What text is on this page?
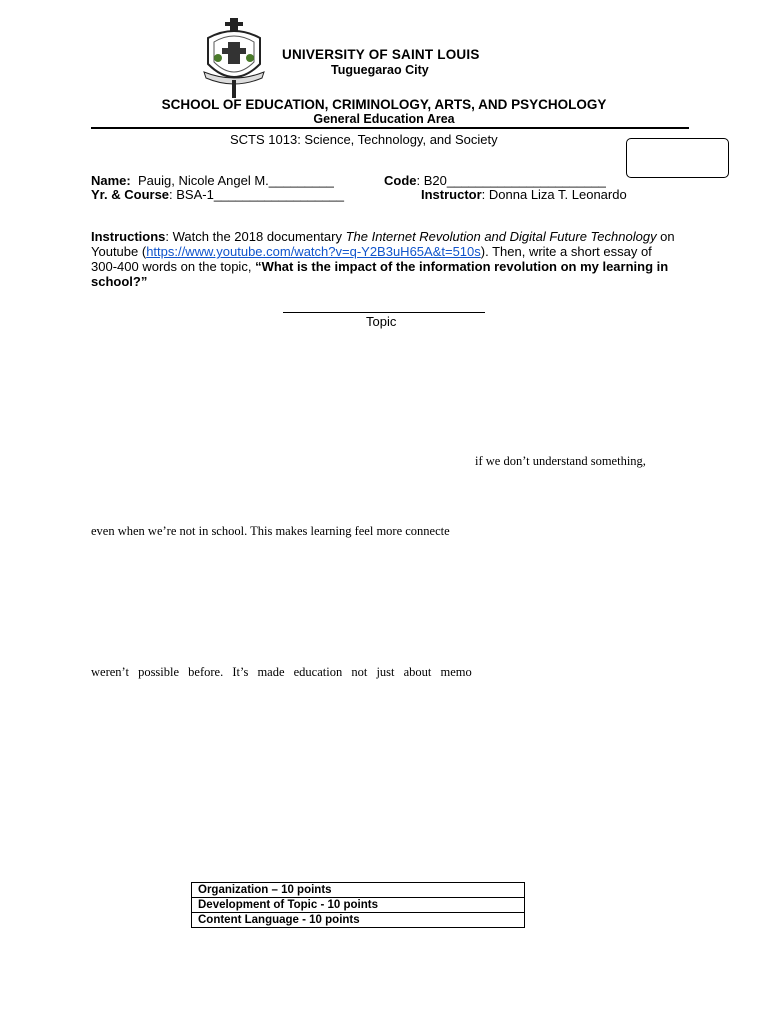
UNIVERSITY OF SAINT LOUIS
Tuguegarao City
SCHOOL OF EDUCATION, CRIMINOLOGY, ARTS, AND PSYCHOLOGY
General Education Area
SCTS 1013: Science, Technology, and Society
Name: Pauig, Nicole Angel M._________	Code: B20______________________
Yr. & Course: BSA-1__________________	Instructor: Donna Liza T. Leonardo
Instructions: Watch the 2018 documentary The Internet Revolution and Digital Future Technology on Youtube (https://www.youtube.com/watch?v=q-Y2B3uH65A&t=510s). Then, write a short essay of 300-400 words on the topic, “What is the impact of the information revolution on my learning in school?”
Topic
if we don’t understand something,
even when we’re not in school. This makes learning feel more connecte
weren’t possible before. It’s made education not just about memo
Organization – 10 points
Development of Topic - 10 points
Content Language - 10 points
